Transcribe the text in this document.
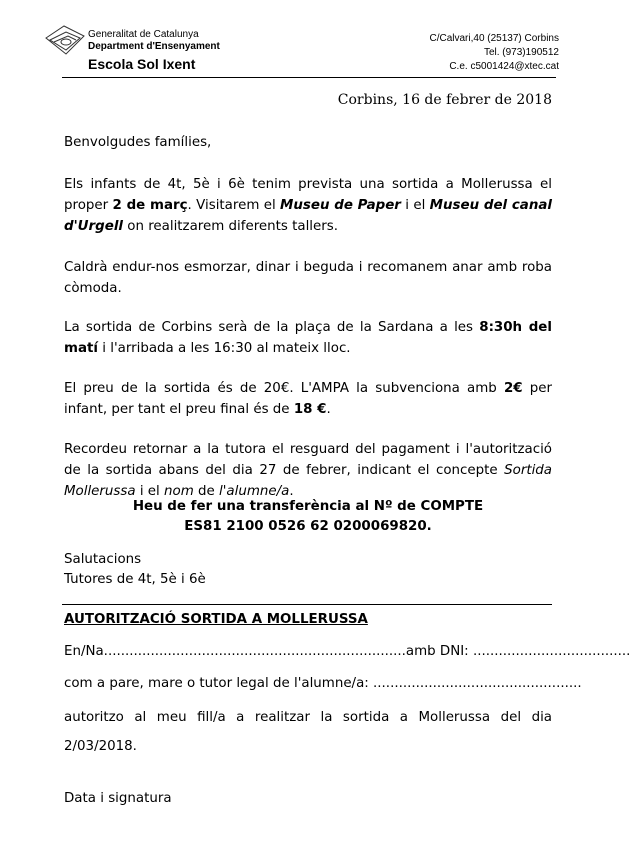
Generalitat de Catalunya
Department d'Ensenyament
Escola Sol Ixent
C/Calvari,40 (25137) Corbins
Tel. (973)190512
C.e. c5001424@xtec.cat
Corbins, 16 de febrer de 2018
Benvolgudes famílies,
Els infants de 4t, 5è i 6è tenim prevista una sortida a Mollerussa el proper 2 de març. Visitarem el Museu de Paper i el Museu del canal d'Urgell on realitzarem diferents tallers.
Caldrà endur-nos esmorzar, dinar i beguda i recomanem anar amb roba còmoda.
La sortida de Corbins serà de la plaça de la Sardana a les 8:30h del matí i l'arribada a les 16:30 al mateix lloc.
El preu de la sortida és de 20€. L'AMPA la subvenciona amb 2€ per infant, per tant el preu final és de 18 €.
Recordeu retornar a la tutora el resguard del pagament i l'autorització de la sortida abans del dia 27 de febrer, indicant el concepte Sortida Mollerussa i el nom de l'alumne/a.
Heu de fer una transferència al Nº de COMPTE
ES81 2100 0526 62 0200069820.
Salutacions
Tutores de 4t, 5è i 6è
AUTORITZACIÓ SORTIDA A MOLLERUSSA
En/Na.......................................................................amb DNI: .....................................
com a pare, mare o tutor legal de l'alumne/a: .................................................
autoritzo al meu fill/a a realitzar la sortida a Mollerussa del dia 2/03/2018.
Data i signatura
